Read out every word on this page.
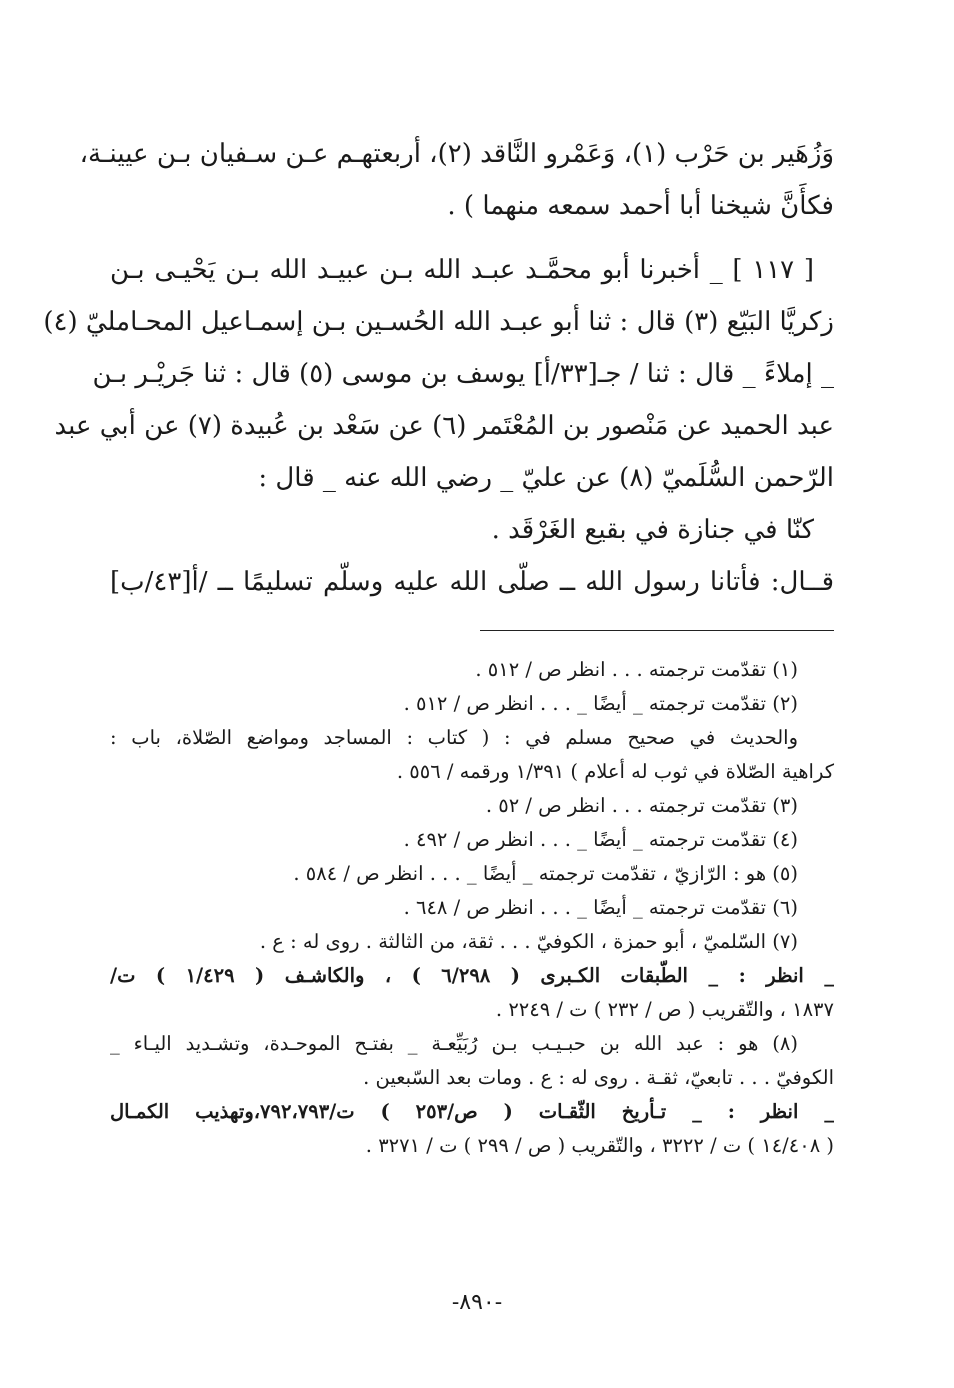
وَزُهَير بن حَرْب (١)، وَعَمْرو النَّاقد (٢)، أربعتهـم عـن سـفيان بـن عيينـة،
فكأَنَّ شيخنا أبا أحمد سمعه منهما ) .
[ ١١٧ ] _ أخبرنا أبو محمَّـد عبـد الله بـن عبيـد الله بـن يَحْيـى بـن
زكريَّا البَيّع (٣) قال : ثنا أبو عبـد الله الحُسـين بـن إسمـاعيل المحـامليّ (٤)
_ إملاءً _ قال : ثنا / جـ[٣٣/أ] يوسف بن موسى (٥) قال : ثنا جَريْـر بـن
عبد الحميد عن مَنْصور بن المُعْتَمر (٦) عن سَعْد بن عُبيدة (٧) عن أبي عبد
الرّحمن السُّلَميّ (٨) عن عليّ _ رضي الله عنه _ قال :
كنّا في جنازة في بقيع الغَرْقَد .
قــال: فأتانا رسول الله ــ صلّى الله عليه وسلّم تسليمًا ــ /أ[٤٣/ب]
(١) تقدّمت ترجمته . . . انظر ص / ٥١٢ .
(٢) تقدّمت ترجمته _ أيضًا _ . . . انظر ص / ٥١٢ .
والحديث في صحيح مسلم في : ( كتاب : المساجد ومواضع الصّلاة، باب :
كراهية الصّلاة في ثوب له أعلام ) ١/٣٩١ ورقمه / ٥٥٦ .
(٣) تقدّمت ترجمته . . . انظر ص / ٥٢ .
(٤) تقدّمت ترجمته _ أيضًا _ . . . انظر ص / ٤٩٢ .
(٥) هو : الرّازيّ ، تقدّمت ترجمته _ أيضًا _ . . . انظر ص / ٥٨٤ .
(٦) تقدّمت ترجمته _ أيضًا _ . . . انظر ص / ٦٤٨ .
(٧) السّلميّ ، أبو حمزة ، الكوفيّ . . . ثقة، من الثالثة . روى له : ع .
_ انظر : _ الطّبقات الكـبرى ( ٦/٢٩٨ ) ، والكاشـف ( ١/٤٢٩ ) ت/
١٨٣٧ ، والتّقريب ( ص / ٢٣٢ ) ت / ٢٢٤٩ .
(٨) هو : عبد الله بن حبـيـب بـن رُبَيِّعـة _ بفتـح الموحـدة، وتشـديد اليـاء _
الكوفيّ . . . تابعيّ، ثقـة . روى له : ع . ومات بعد السّبعين .
_ انظر : _ تـأريخ الثّقـات ( ص/٢٥٣ ) ت/٧٩٢،٧٩٣،وتهذيب الكمـال
( ١٤/٤٠٨ ) ت / ٣٢٢٢ ، والتّقريب ( ص / ٢٩٩ ) ت / ٣٢٧١ .
-٨٩٠-
